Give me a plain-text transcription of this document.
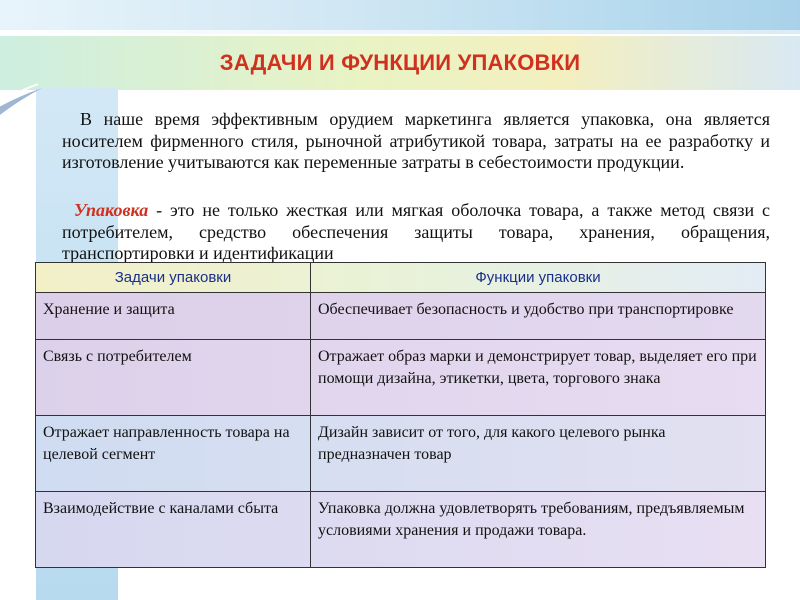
ЗАДАЧИ И ФУНКЦИИ УПАКОВКИ

В наше время эффективным орудием маркетинга является упаковка, она является носителем фирменного стиля, рыночной атрибутикой товара, затраты на ее разработку и изготовление учитываются как переменные затраты в себестоимости продукции.

Упаковка - это не только жесткая или мягкая оболочка товара, а также метод связи с потребителем, средство обеспечения защиты товара, хранения, обращения, транспортировки и идентификации

Задачи упаковки	Функции упаковки
Хранение и защита	Обеспечивает безопасность и удобство при транспортировке
Связь с потребителем	Отражает образ марки и демонстрирует товар, выделяет его при помощи дизайна, этикетки, цвета, торгового знака
Отражает направленность товара на целевой сегмент	Дизайн зависит от того, для какого целевого рынка предназначен товар
Взаимодействие с каналами сбыта	Упаковка должна удовлетворять требованиям, предъявляемым условиями хранения и продажи товара.
